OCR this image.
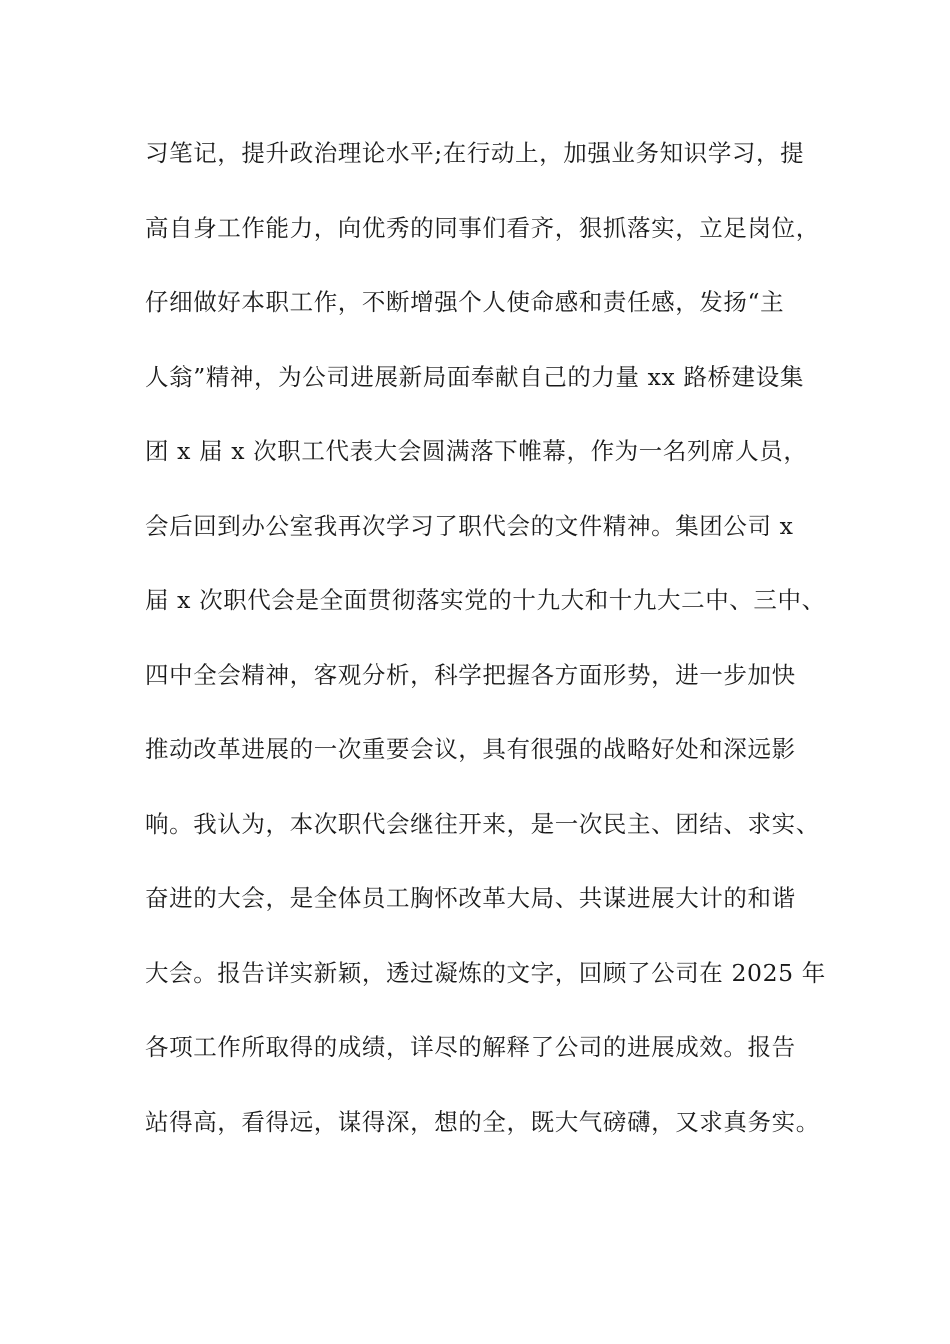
习笔记，提升政治理论水平;在行动上，加强业务知识学习，提
高自身工作能力，向优秀的同事们看齐，狠抓落实，立足岗位，
仔细做好本职工作，不断增强个人使命感和责任感，发扬“主
人翁”精神，为公司进展新局面奉献自己的力量 xx 路桥建设集
团 x 届 x 次职工代表大会圆满落下帷幕，作为一名列席人员，
会后回到办公室我再次学习了职代会的文件精神。集团公司 x
届 x 次职代会是全面贯彻落实党的十九大和十九大二中、三中、
四中全会精神，客观分析，科学把握各方面形势，进一步加快
推动改革进展的一次重要会议，具有很强的战略好处和深远影
响。我认为，本次职代会继往开来，是一次民主、团结、求实、
奋进的大会，是全体员工胸怀改革大局、共谋进展大计的和谐
大会。报告详实新颖，透过凝炼的文字，回顾了公司在 2025 年
各项工作所取得的成绩，详尽的解释了公司的进展成效。报告
站得高，看得远，谋得深，想的全，既大气磅礴，又求真务实。
